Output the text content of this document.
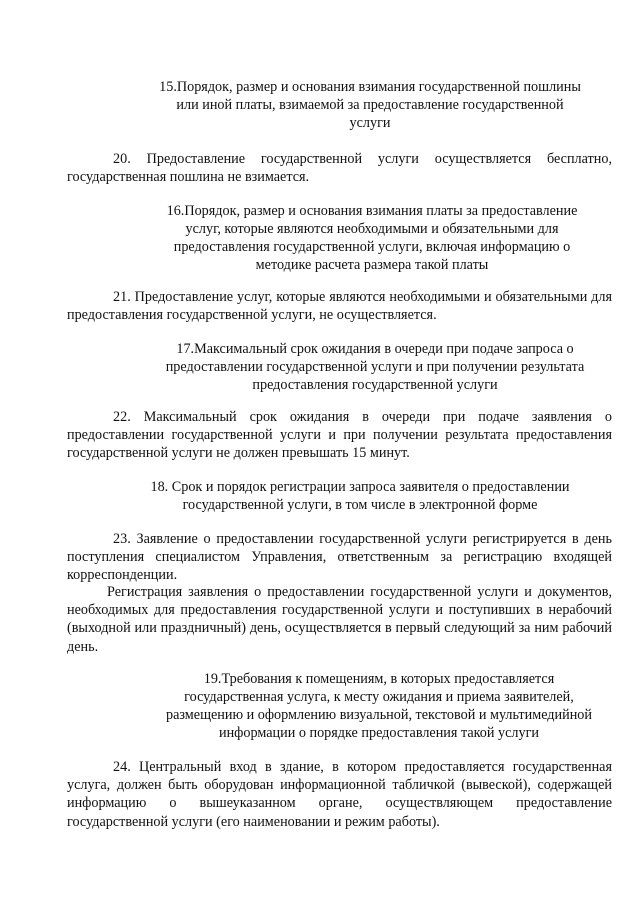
15.Порядок, размер и основания взимания государственной пошлины
или иной платы, взимаемой за предоставление государственной
услуги

20. Предоставление государственной услуги осуществляется бесплатно, государственная пошлина не взимается.

16.Порядок, размер и основания взимания платы за предоставление
услуг, которые являются необходимыми и обязательными для
предоставления государственной услуги, включая информацию о
методике расчета размера такой платы

21. Предоставление услуг, которые являются необходимыми и обязательными для предоставления государственной услуги, не осуществляется.

17.Максимальный срок ожидания в очереди при подаче запроса о
предоставлении государственной услуги и при получении результата
предоставления государственной услуги

22. Максимальный срок ожидания в очереди при подаче заявления о предоставлении государственной услуги и при получении результата предоставления государственной услуги не должен превышать 15 минут.

18. Срок и порядок регистрации запроса заявителя о предоставлении
государственной услуги, в том числе в электронной форме

23. Заявление о предоставлении государственной услуги регистрируется в день поступления специалистом Управления, ответственным за регистрацию входящей корреспонденции.

Регистрация заявления о предоставлении государственной услуги и документов, необходимых для предоставления государственной услуги и поступивших в нерабочий (выходной или праздничный) день, осуществляется в первый следующий за ним рабочий день.

19.Требования к помещениям, в которых предоставляется
государственная услуга, к месту ожидания и приема заявителей,
размещению и оформлению визуальной, текстовой и мультимедийной
информации о порядке предоставления такой услуги

24. Центральный вход в здание, в котором предоставляется государственная услуга, должен быть оборудован информационной табличкой (вывеской), содержащей информацию о вышеуказанном органе, осуществляющем предоставление государственной услуги (его наименовании и режим работы).
